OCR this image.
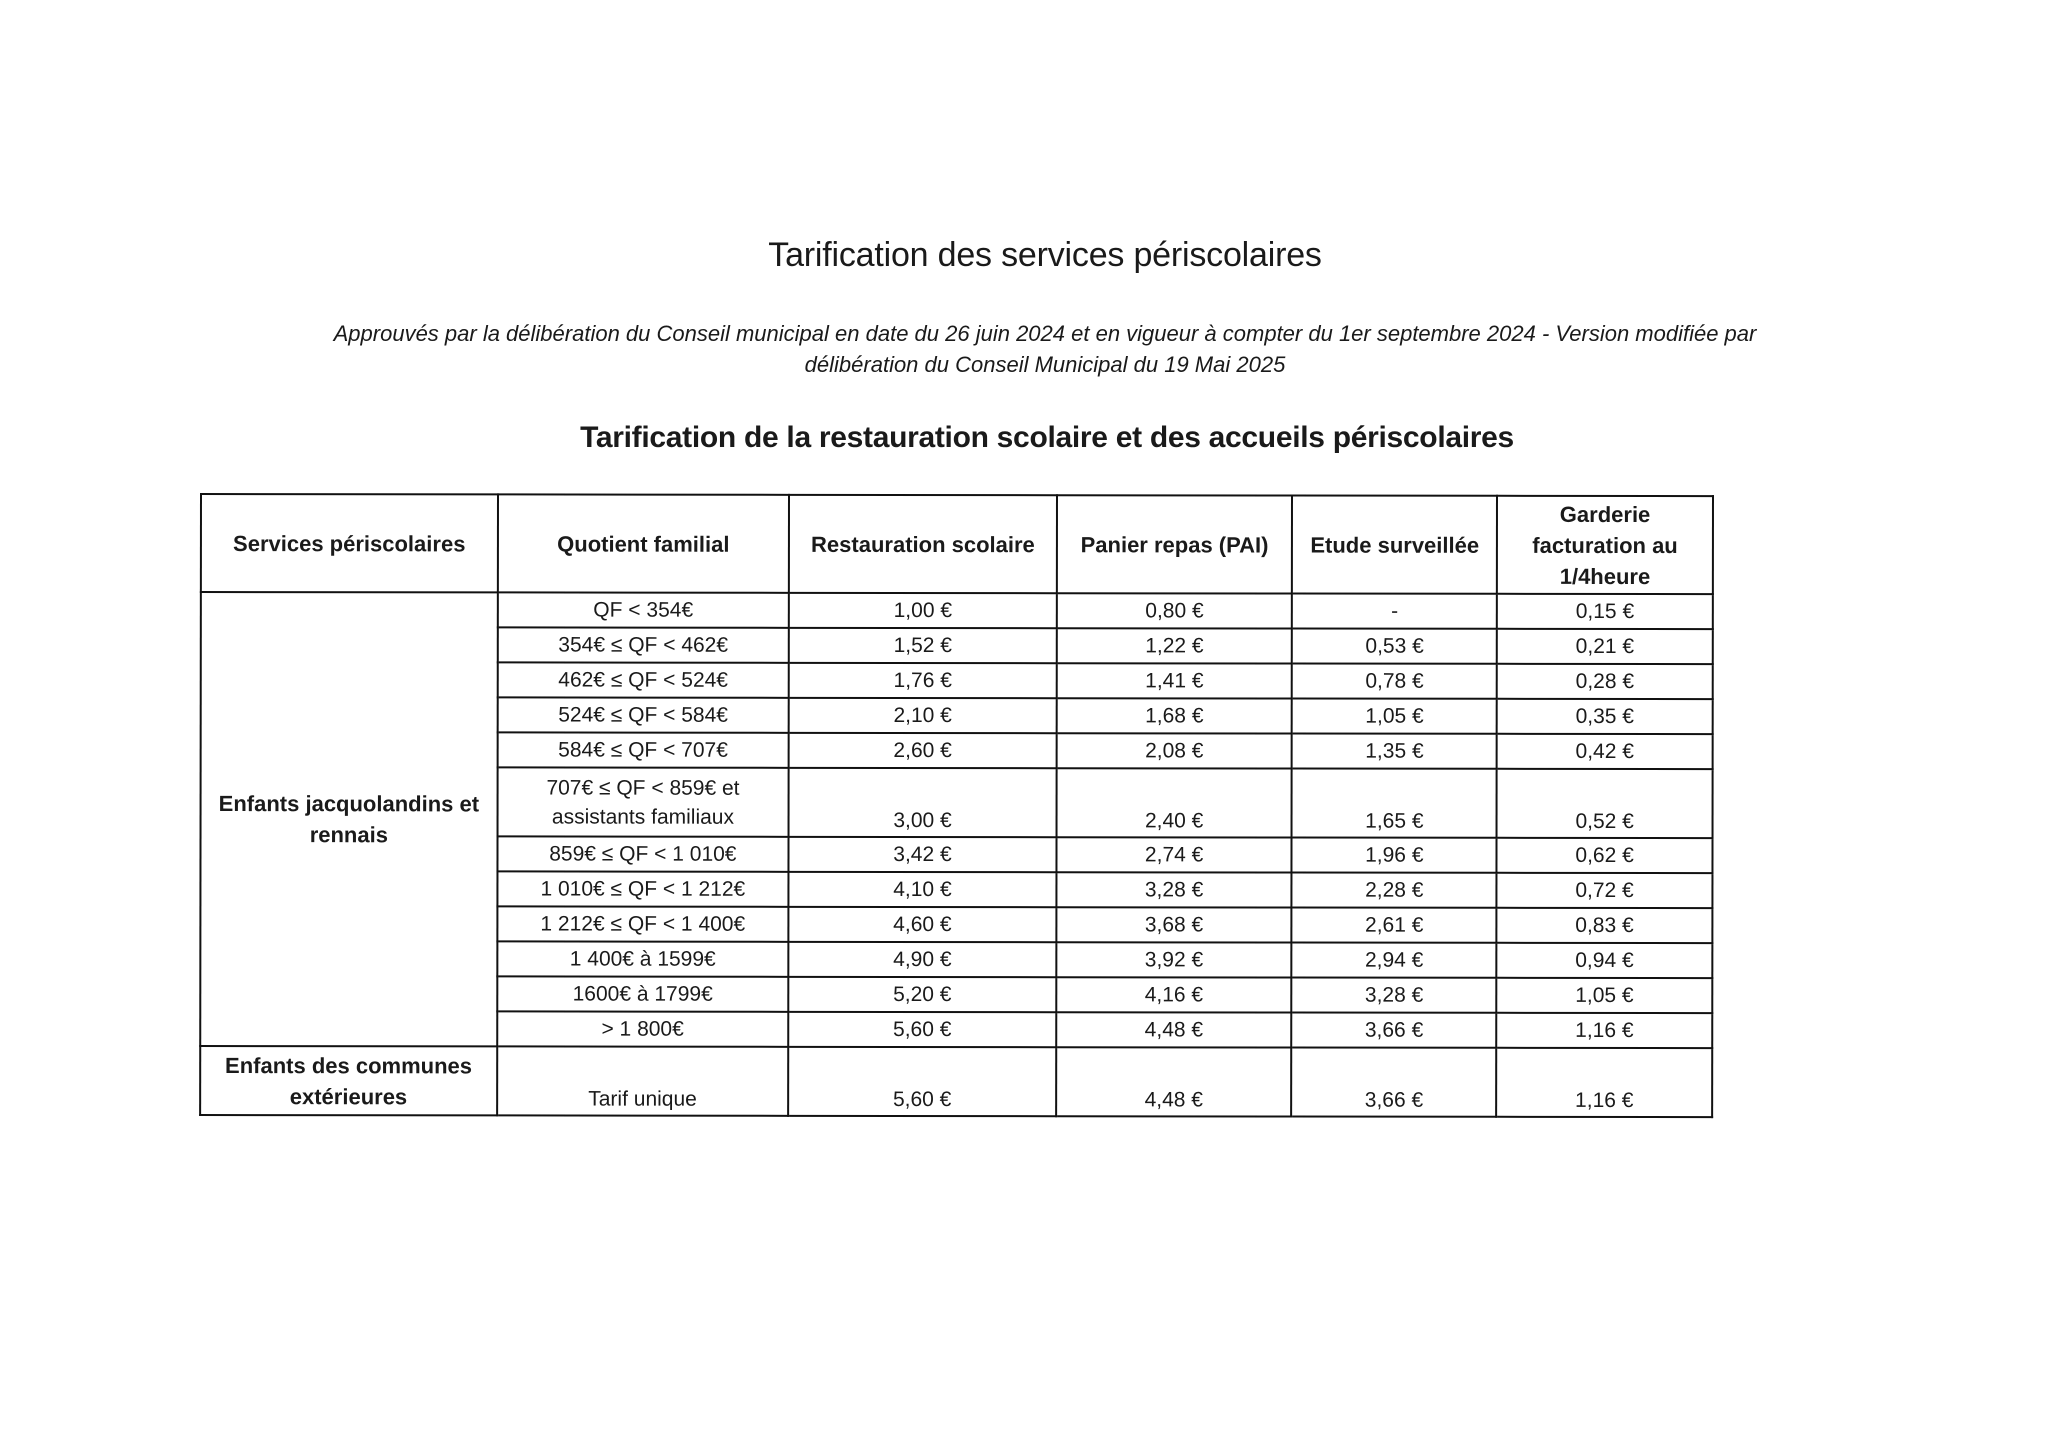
Tarification des services périscolaires
Approuvés par la délibération du Conseil municipal en date du 26 juin 2024 et en vigueur à compter du 1er septembre 2024 - Version modifiée par
délibération du Conseil Municipal du 19 Mai 2025
Tarification de la restauration scolaire et des accueils périscolaires
Services périscolaires	Quotient familial	Restauration scolaire	Panier repas (PAI)	Etude surveillée	Garderie
facturation au
1/4heure

Enfants jacquolandins et
rennais	QF < 354€	1,00 €	0,80 €	-	0,15 €
	354€ ≤ QF < 462€	1,52 €	1,22 €	0,53 €	0,21 €
	462€ ≤ QF < 524€	1,76 €	1,41 €	0,78 €	0,28 €
	524€ ≤ QF < 584€	2,10 €	1,68 €	1,05 €	0,35 €
	584€ ≤ QF < 707€	2,60 €	2,08 €	1,35 €	0,42 €

	707€ ≤ QF < 859€ et
assistants familiaux	3,00 €	2,40 €	1,65 €	0,52 €
	859€ ≤ QF < 1 010€	3,42 €	2,74 €	1,96 €	0,62 €
	1 010€ ≤ QF < 1 212€	4,10 €	3,28 €	2,28 €	0,72 €
	1 212€ ≤ QF < 1 400€	4,60 €	3,68 €	2,61 €	0,83 €
	1 400€ à 1599€	4,90 €	3,92 €	2,94 €	0,94 €
	1600€ à 1799€	5,20 €	4,16 €	3,28 €	1,05 €
	> 1 800€	5,60 €	4,48 €	3,66 €	1,16 €

Enfants des communes
extérieures	Tarif unique	5,60 €	4,48 €	3,66 €	1,16 €
